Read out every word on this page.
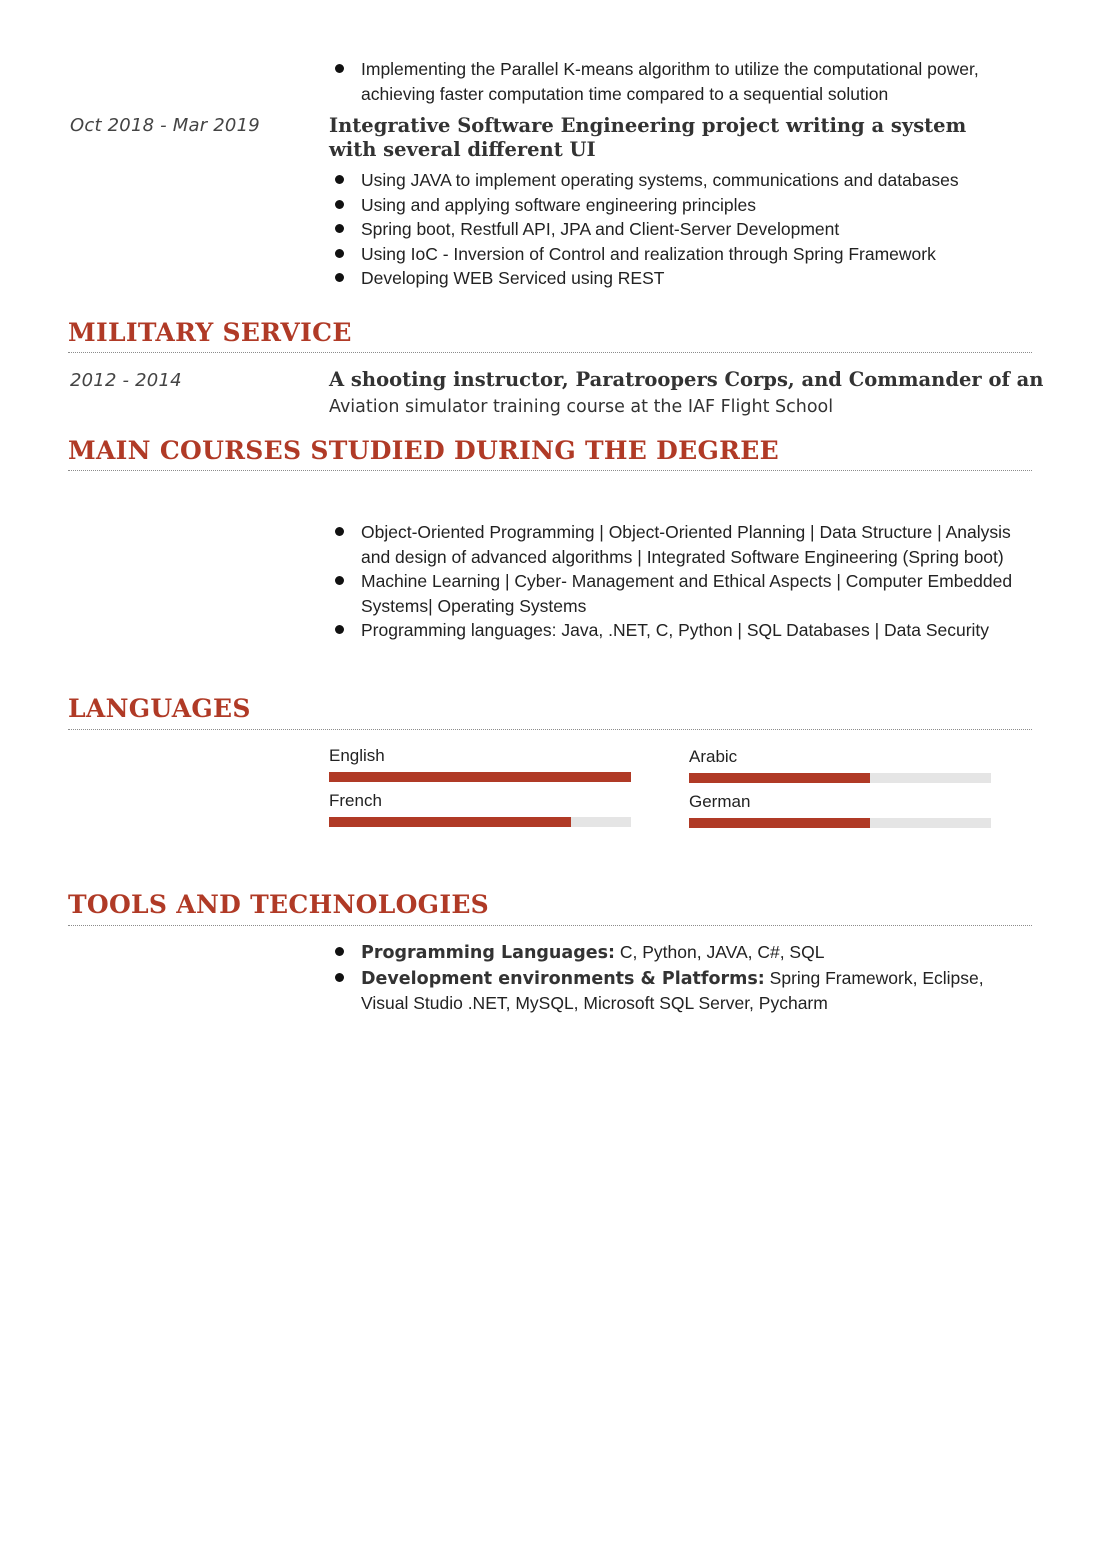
Implementing the Parallel K-means algorithm to utilize the computational power, achieving faster computation time compared to a sequential solution
Oct 2018 - Mar 2019	Integrative Software Engineering project writing a system with several different UI
Using JAVA to implement operating systems, communications and databases
Using and applying software engineering principles
Spring boot, Restfull API, JPA and Client-Server Development
Using IoC - Inversion of Control and realization through Spring Framework
Developing WEB Serviced using REST
MILITARY SERVICE
2012 - 2014	A shooting instructor, Paratroopers Corps, and Commander of an
Aviation simulator training course at the IAF Flight School
MAIN COURSES STUDIED DURING THE DEGREE
Object-Oriented Programming | Object-Oriented Planning | Data Structure | Analysis and design of advanced algorithms | Integrated Software Engineering (Spring boot)
Machine Learning | Cyber- Management and Ethical Aspects | Computer Embedded Systems| Operating Systems
Programming languages: Java, .NET, C, Python | SQL Databases | Data Security
LANGUAGES
English	Arabic
French	German
TOOLS AND TECHNOLOGIES
Programming Languages: C, Python, JAVA, C#, SQL
Development environments & Platforms: Spring Framework, Eclipse, Visual Studio .NET, MySQL, Microsoft SQL Server, Pycharm
